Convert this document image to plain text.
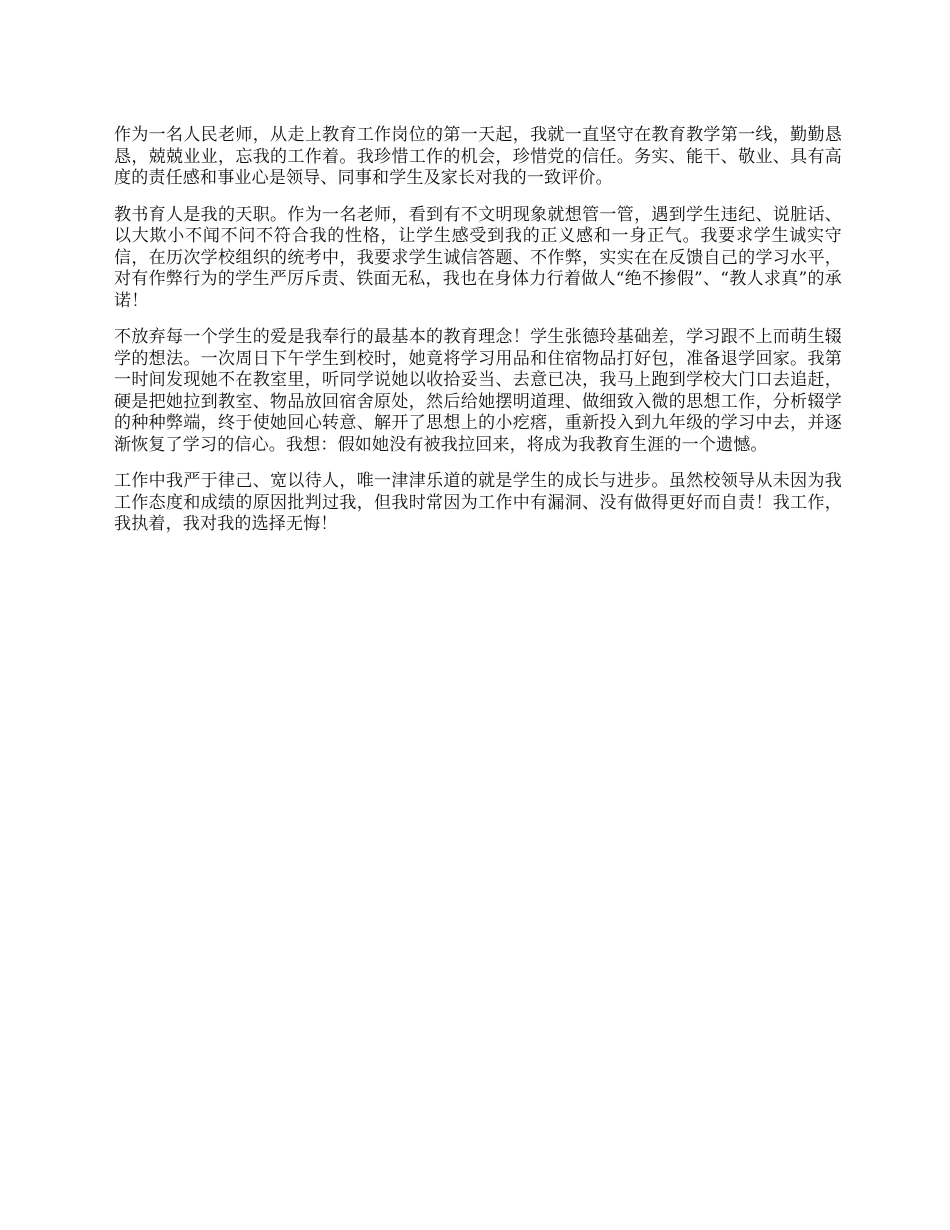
作为一名人民老师，从走上教育工作岗位的第一天起，我就一直坚守在教育教学第一线，勤勤恳恳，兢兢业业，忘我的工作着。我珍惜工作的机会，珍惜党的信任。务实、能干、敬业、具有高度的责任感和事业心是领导、同事和学生及家长对我的一致评价。

教书育人是我的天职。作为一名老师，看到有不文明现象就想管一管，遇到学生违纪、说脏话、以大欺小不闻不问不符合我的性格，让学生感受到我的正义感和一身正气。我要求学生诚实守信，在历次学校组织的统考中，我要求学生诚信答题、不作弊，实实在在反馈自己的学习水平，对有作弊行为的学生严厉斥责、铁面无私，我也在身体力行着做人“绝不掺假”、“教人求真”的承诺！

不放弃每一个学生的爱是我奉行的最基本的教育理念！学生张德玲基础差，学习跟不上而萌生辍学的想法。一次周日下午学生到校时，她竟将学习用品和住宿物品打好包，准备退学回家。我第一时间发现她不在教室里，听同学说她以收拾妥当、去意已决，我马上跑到学校大门口去追赶，硬是把她拉到教室、物品放回宿舍原处，然后给她摆明道理、做细致入微的思想工作，分析辍学的种种弊端，终于使她回心转意、解开了思想上的小疙瘩，重新投入到九年级的学习中去，并逐渐恢复了学习的信心。我想：假如她没有被我拉回来，将成为我教育生涯的一个遗憾。

工作中我严于律己、宽以待人，唯一津津乐道的就是学生的成长与进步。虽然校领导从未因为我工作态度和成绩的原因批判过我，但我时常因为工作中有漏洞、没有做得更好而自责！我工作，我执着，我对我的选择无悔！
